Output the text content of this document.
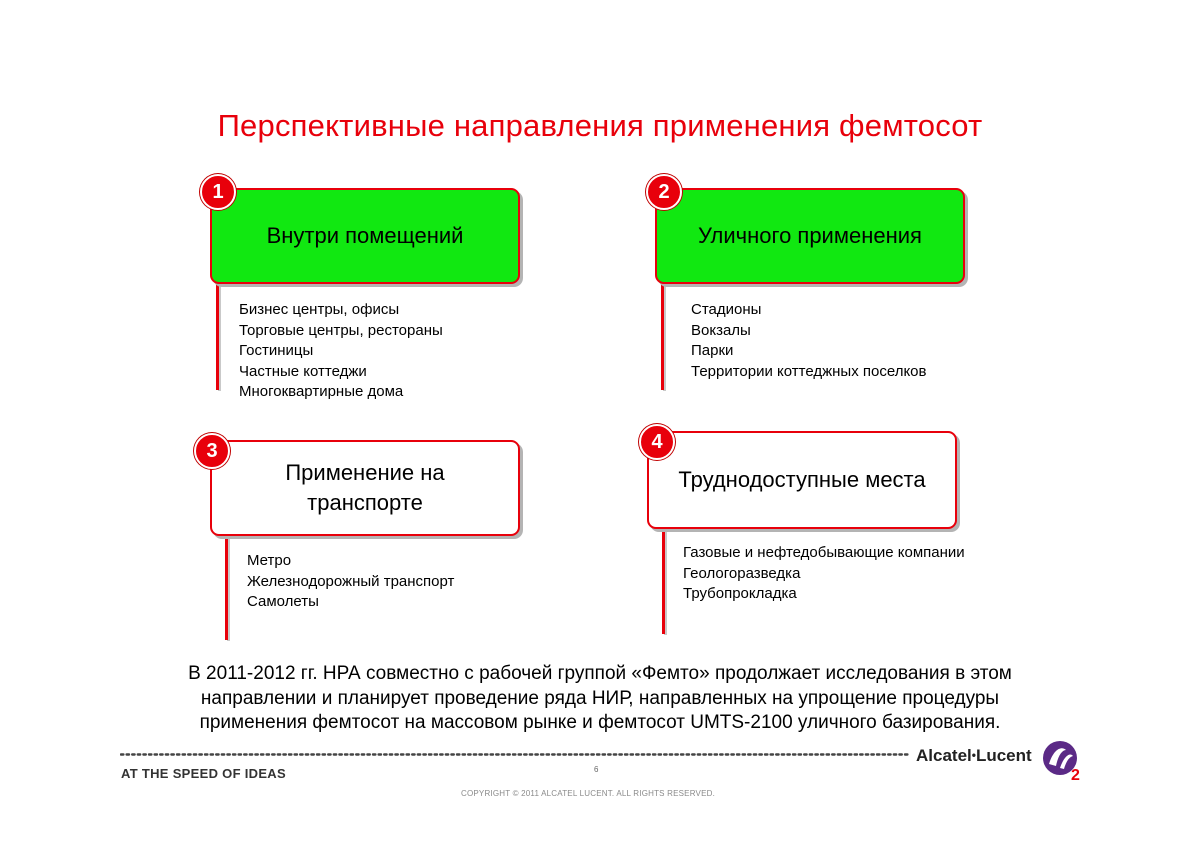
Перспективные направления применения фемтосот
Внутри помещений
1
Бизнес центры, офисы
Торговые центры, рестораны
Гостиницы
Частные коттеджи
Многоквартирные дома
Уличного применения
2
Стадионы
Вокзалы
Парки
Территории коттеджных поселков
Применение на
транспорте
3
Метро
Железнодорожный транспорт
Самолеты
Труднодоступные места
4
Газовые и нефтедобывающие компании
Геологоразведка
Трубопрокладка
В 2011-2012 гг. НРА совместно с рабочей группой «Фемто» продолжает исследования в этом
направлении и планирует проведение ряда НИР, направленных на упрощение процедуры
применения фемтосот на массовом рынке и фемтосот UMTS-2100 уличного базирования.
AT THE SPEED OF IDEAS	6
Alcatel•Lucent
2
COPYRIGHT © 2011 ALCATEL LUCENT. ALL RIGHTS RESERVED.
